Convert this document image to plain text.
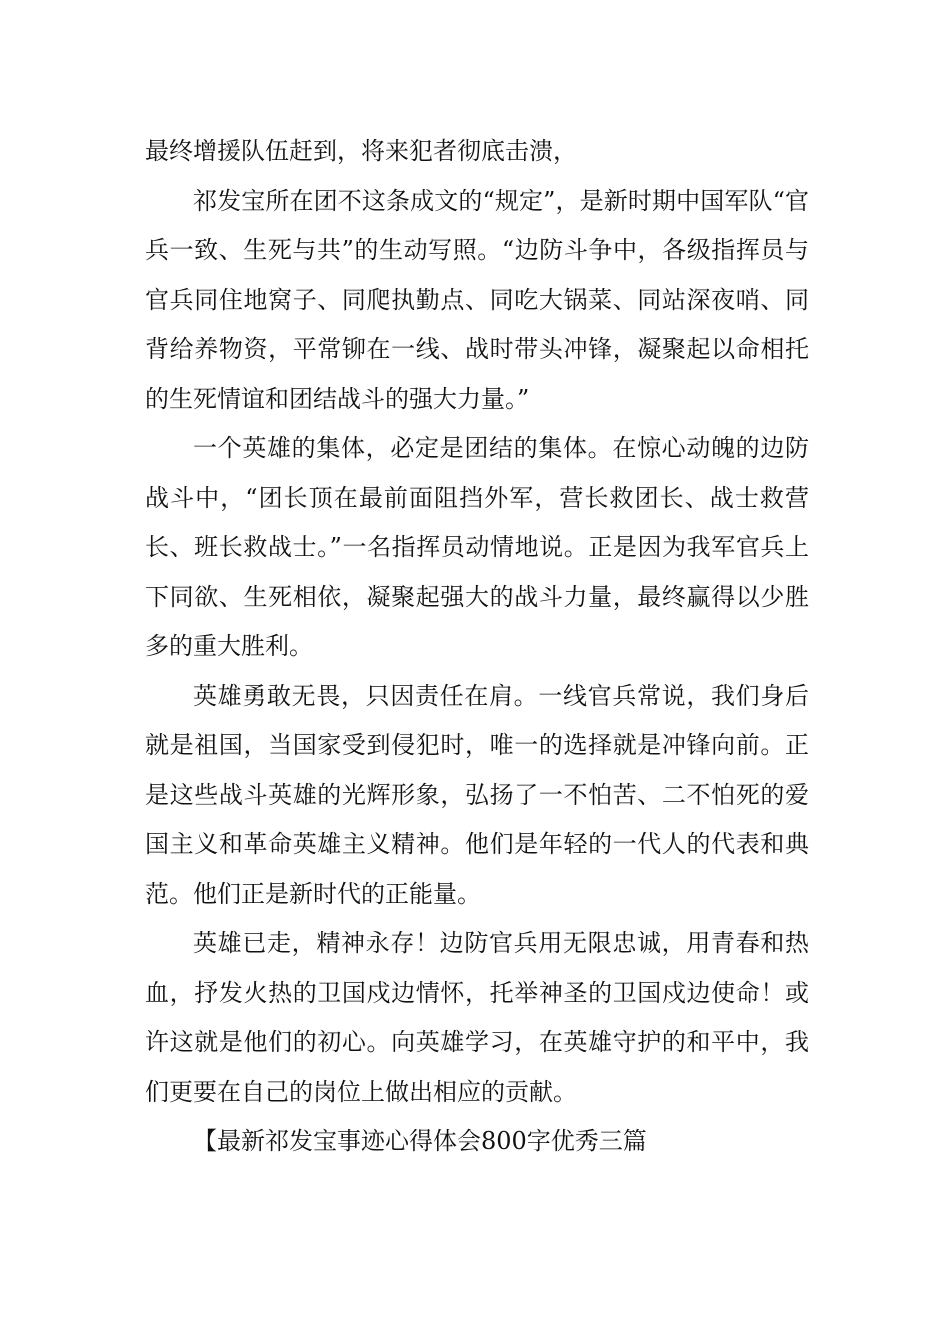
最终增援队伍赶到，将来犯者彻底击溃，

祁发宝所在团不这条成文的“规定”，是新时期中国军队“官兵一致、生死与共”的生动写照。“边防斗争中，各级指挥员与官兵同住地窝子、同爬执勤点、同吃大锅菜、同站深夜哨、同背给养物资，平常铆在一线、战时带头冲锋，凝聚起以命相托的生死情谊和团结战斗的强大力量。”

一个英雄的集体，必定是团结的集体。在惊心动魄的边防战斗中，“团长顶在最前面阻挡外军，营长救团长、战士救营长、班长救战士。”一名指挥员动情地说。正是因为我军官兵上下同欲、生死相依，凝聚起强大的战斗力量，最终赢得以少胜多的重大胜利。

英雄勇敢无畏，只因责任在肩。一线官兵常说，我们身后就是祖国，当国家受到侵犯时，唯一的选择就是冲锋向前。正是这些战斗英雄的光辉形象，弘扬了一不怕苦、二不怕死的爱国主义和革命英雄主义精神。他们是年轻的一代人的代表和典范。他们正是新时代的正能量。

英雄已走，精神永存！边防官兵用无限忠诚，用青春和热血，抒发火热的卫国戍边情怀，托举神圣的卫国戍边使命！或许这就是他们的初心。向英雄学习，在英雄守护的和平中，我们更要在自己的岗位上做出相应的贡献。

【最新祁发宝事迹心得体会800字优秀三篇
